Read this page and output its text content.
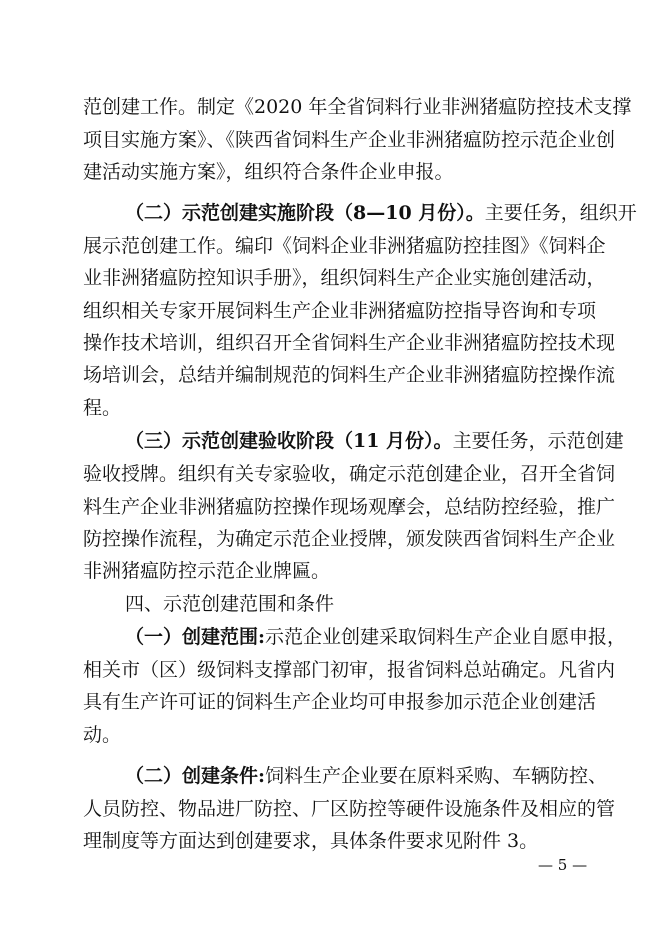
范创建工作。制定《2020 年全省饲料行业非洲猪瘟防控技术支撑
项目实施方案》、《陕西省饲料生产企业非洲猪瘟防控示范企业创
建活动实施方案》，组织符合条件企业申报。
（二）示范创建实施阶段（8—10 月份）。主要任务，组织开
展示范创建工作。编印《饲料企业非洲猪瘟防控挂图》《饲料企
业非洲猪瘟防控知识手册》，组织饲料生产企业实施创建活动，
组织相关专家开展饲料生产企业非洲猪瘟防控指导咨询和专项
操作技术培训，组织召开全省饲料生产企业非洲猪瘟防控技术现
场培训会，总结并编制规范的饲料生产企业非洲猪瘟防控操作流
程。
（三）示范创建验收阶段（11 月份）。主要任务，示范创建
验收授牌。组织有关专家验收，确定示范创建企业，召开全省饲
料生产企业非洲猪瘟防控操作现场观摩会，总结防控经验，推广
防控操作流程，为确定示范企业授牌，颁发陕西省饲料生产企业
非洲猪瘟防控示范企业牌匾。
四、示范创建范围和条件
（一）创建范围:示范企业创建采取饲料生产企业自愿申报，
相关市（区）级饲料支撑部门初审，报省饲料总站确定。凡省内
具有生产许可证的饲料生产企业均可申报参加示范企业创建活
动。
（二）创建条件:饲料生产企业要在原料采购、车辆防控、
人员防控、物品进厂防控、厂区防控等硬件设施条件及相应的管
理制度等方面达到创建要求，具体条件要求见附件 3。
— 5 —
